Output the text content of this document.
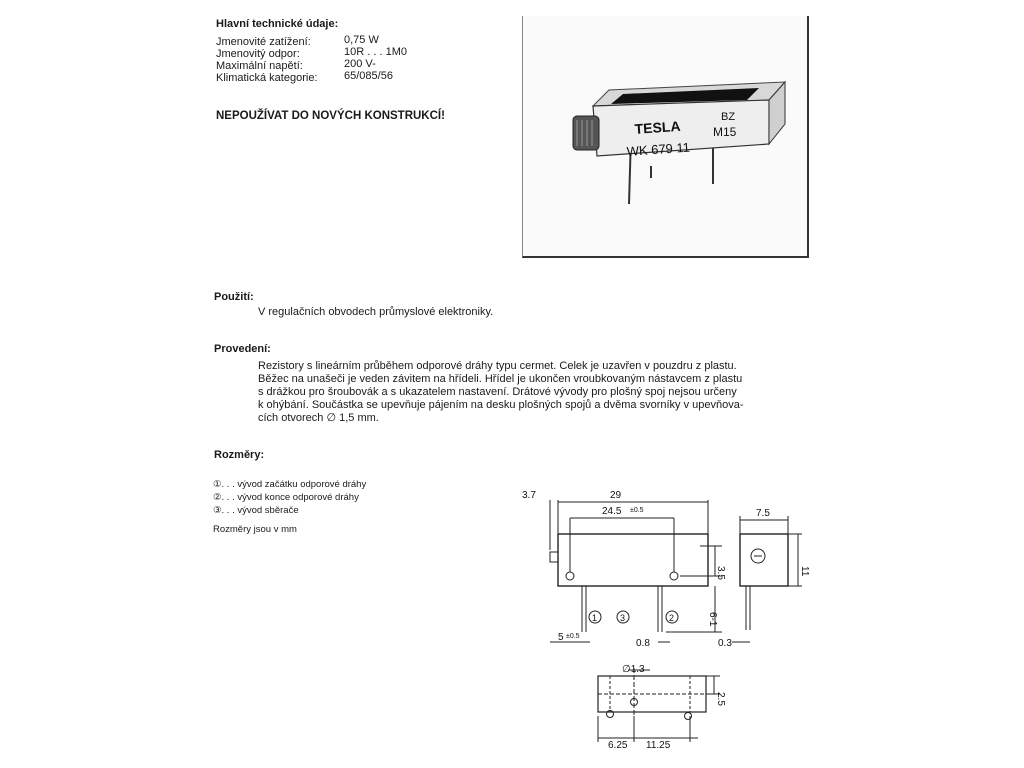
Hlavní technické údaje:
Jmenovité zatížení:	0,75 W
Jmenovitý odpor:	10R . . . 1M0
Maximální napětí:	200 V-
Klimatická kategorie: 65/085/56
NEPOUŽÍVAT DO NOVÝCH KONSTRUKCÍ!
TESLA
WK 679 11
BZ
M15
Použití:
V regulačních obvodech průmyslové elektroniky.
Provedení:

Rezistory s lineárním průběhem odporové dráhy typu cermet. Celek je uzavřen v pouzdru z plastu.

Běžec na unašeči je veden závitem na hřídeli. Hřídel je ukončen vroubkovaným nástavcem z plastu

s drážkou pro šroubovák a s ukazatelem nastavení. Drátové vývody pro plošný spoj nejsou určeny

k ohýbání. Součástka se upevňuje pájením na desku plošných spojů a dvěma svorníky v upevňova-

cích otvorech ∅ 1,5 mm.

Rozměry:
①. . . vývod začátku odporové dráhy
②. . . vývod konce odporové dráhy
③. . . vývod sběrače
Rozměry jsou v mm
3.7	29
24.5 ±0.5
3.5
6-1
5 ±0.5
0.8
1	3	2
7.5
11
0.3
∅1.3
2.5
6.25 11.25
